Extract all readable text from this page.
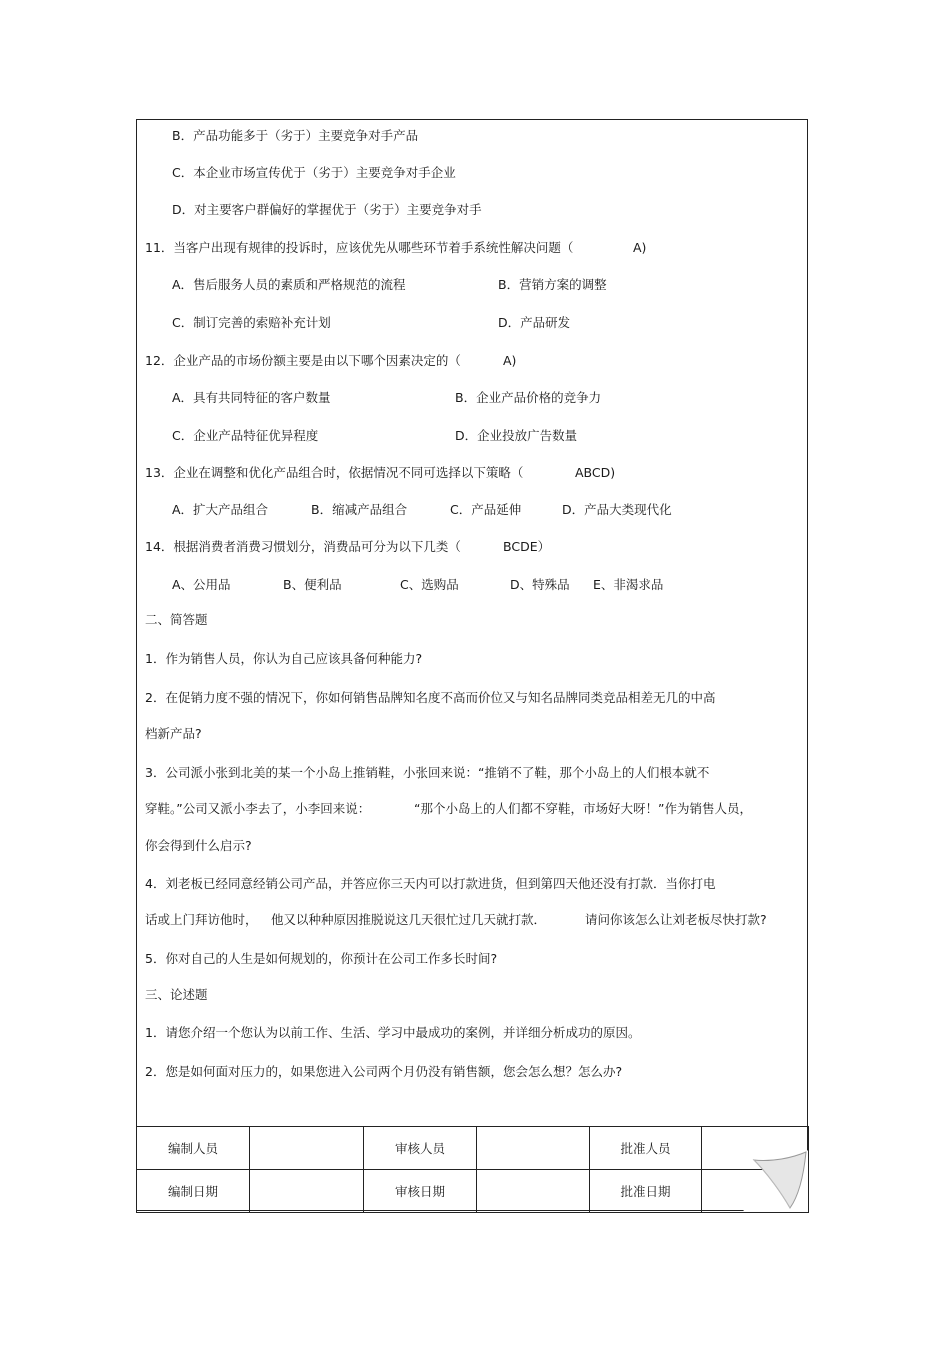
B．产品功能多于（劣于）主要竞争对手产品
C．本企业市场宣传优于（劣于）主要竞争对手企业
D．对主要客户群偏好的掌握优于（劣于）主要竞争对手
11．当客户出现有规律的投诉时，应该优先从哪些环节着手系统性解决问题（	A)
A．售后服务人员的素质和严格规范的流程	B．营销方案的调整
C．制订完善的索赔补充计划	D．产品研发
12．企业产品的市场份额主要是由以下哪个因素决定的（	A)
A．具有共同特征的客户数量	B．企业产品价格的竞争力
C．企业产品特征优异程度	D．企业投放广告数量
13．企业在调整和优化产品组合时，依据情况不同可选择以下策略（	ABCD)
A．扩大产品组合	B．缩减产品组合	C．产品延伸	D．产品大类现代化
14．根据消费者消费习惯划分，消费品可分为以下几类（	BCDE）
A、公用品	B、便利品	C、选购品	D、特殊品 E、非渴求品
二、简答题
1．作为销售人员，你认为自己应该具备何种能力?
2．在促销力度不强的情况下，你如何销售品牌知名度不高而价位又与知名品牌同类竞品相差无几的中高
档新产品?
3．公司派小张到北美的某一个小岛上推销鞋，小张回来说：“推销不了鞋，那个小岛上的人们根本就不
穿鞋。”公司又派小李去了，小李回来说：	“那个小岛上的人们都不穿鞋，市场好大呀！”作为销售人员，
你会得到什么启示?
4．刘老板已经同意经销公司产品，并答应你三天内可以打款进货，但到第四天他还没有打款．当你打电
话或上门拜访他时， 他又以种种原因推脱说这几天很忙过几天就打款．	请问你该怎么让刘老板尽快打款?
5．你对自己的人生是如何规划的，你预计在公司工作多长时间?
三、论述题
1．请您介绍一个您认为以前工作、生活、学习中最成功的案例，并详细分析成功的原因。
2．您是如何面对压力的，如果您进入公司两个月仍没有销售额，您会怎么想？怎么办?
编制人员		审核人员		批准人员	
编制日期		审核日期		批准日期	
